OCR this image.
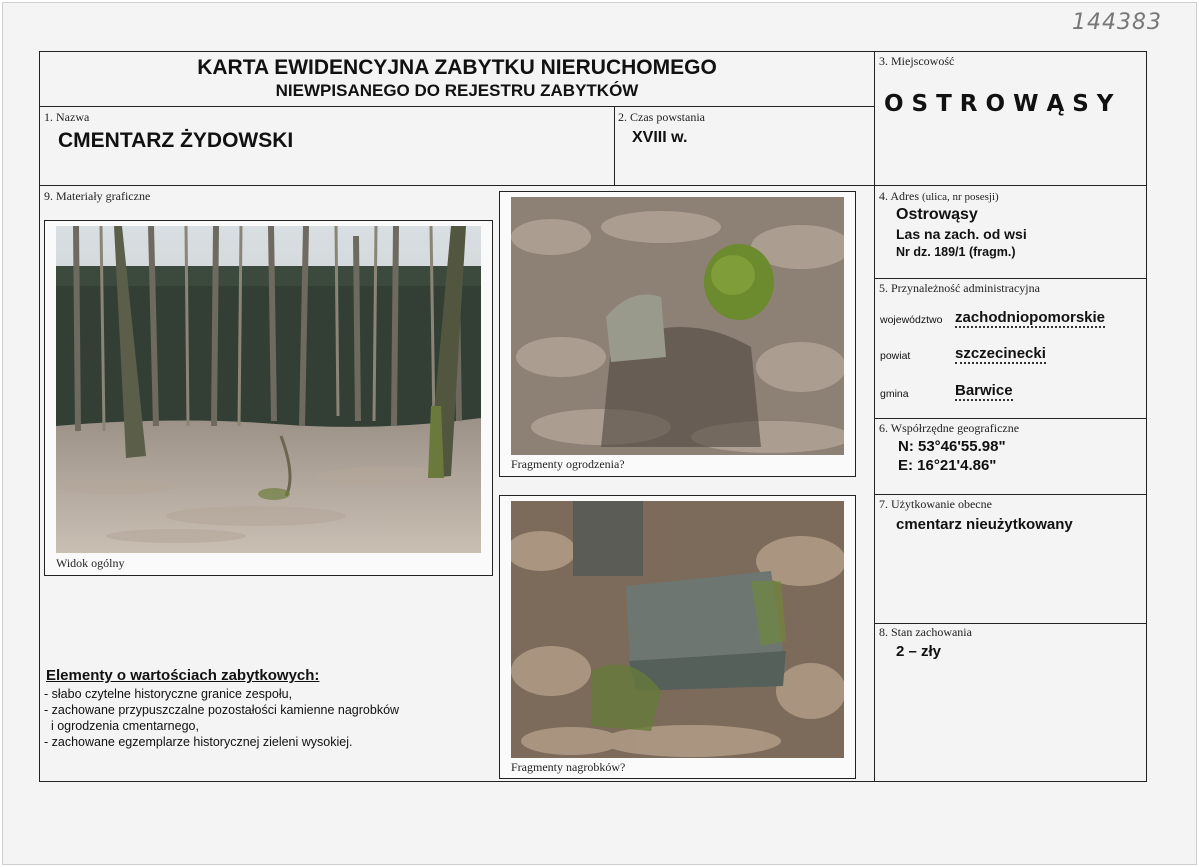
144383
KARTA EWIDENCYJNA ZABYTKU NIERUCHOMEGO
NIEWPISANEGO DO REJESTRU ZABYTKÓW
1. Nazwa
CMENTARZ ŻYDOWSKI
2. Czas powstania
XVIII w.
3. Miejscowość
OSTROWĄSY
4. Adres (ulica, nr posesji)
Ostrowąsy
Las na zach. od wsi
Nr dz. 189/1 (fragm.)
5. Przynależność administracyjna
województwo zachodniopomorskie
powiat	szczecinecki
gmina	Barwice
6. Współrzędne geograficzne
N: 53°46'55.98"
E: 16°21'4.86"
7. Użytkowanie obecne
cmentarz nieużytkowany
8. Stan zachowania
2 – zły
9. Materiały graficzne
Widok ogólny
Fragmenty ogrodzenia?
Fragmenty nagrobków?
Elementy o wartościach zabytkowych:
- słabo czytelne historyczne granice zespołu,
- zachowane przypuszczalne pozostałości kamienne nagrobków
i ogrodzenia cmentarnego,
- zachowane egzemplarze historycznej zieleni wysokiej.
